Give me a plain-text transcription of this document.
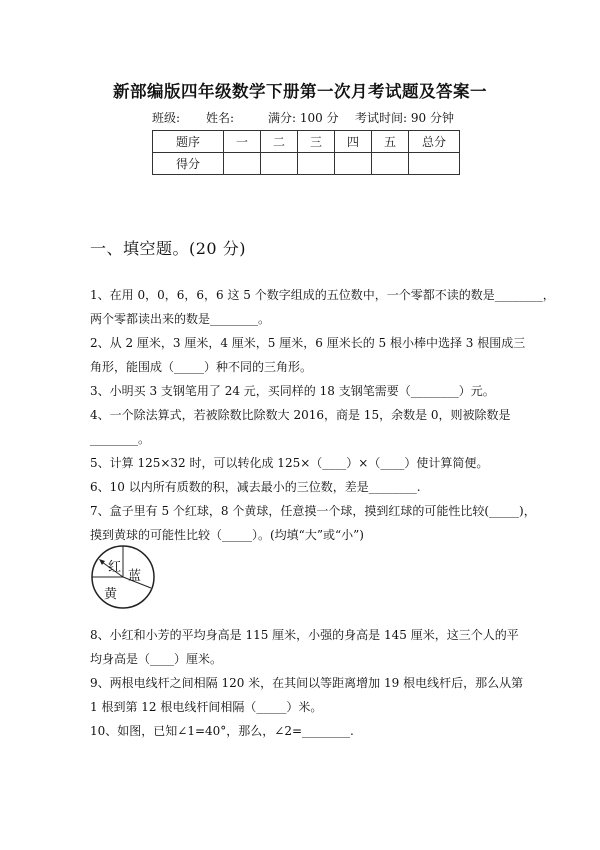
新部编版四年级数学下册第一次月考试题及答案一
班级: 姓名:	满分: 100 分 考试时间: 90 分钟
题序	一	二	三	四	五	总分
得分						
一、填空题。(20 分)
1、在用 0，0，6，6，6 这 5 个数字组成的五位数中，一个零都不读的数是________，
两个零都读出来的数是________。
2、从 2 厘米，3 厘米，4 厘米，5 厘米，6 厘米长的 5 根小棒中选择 3 根围成三
角形，能围成（_____）种不同的三角形。
3、小明买 3 支钢笔用了 24 元，买同样的 18 支钢笔需要（________）元。
4、一个除法算式，若被除数比除数大 2016，商是 15，余数是 0，则被除数是
________。
5、计算 125×32 时，可以转化成 125×（____）×（____）使计算简便。
6、10 以内所有质数的积，减去最小的三位数，差是________.
7、盒子里有 5 个红球，8 个黄球，任意摸一个球，摸到红球的可能性比较(_____)，
摸到黄球的可能性比较（_____）。(均填“大”或“小”)
红
蓝
黄
8、小红和小芳的平均身高是 115 厘米，小强的身高是 145 厘米，这三个人的平
均身高是（____）厘米。
9、两根电线杆之间相隔 120 米，在其间以等距离增加 19 根电线杆后，那么从第
1 根到第 12 根电线杆间相隔（_____）米。
10、如图，已知∠1=40°，那么，∠2=________.
